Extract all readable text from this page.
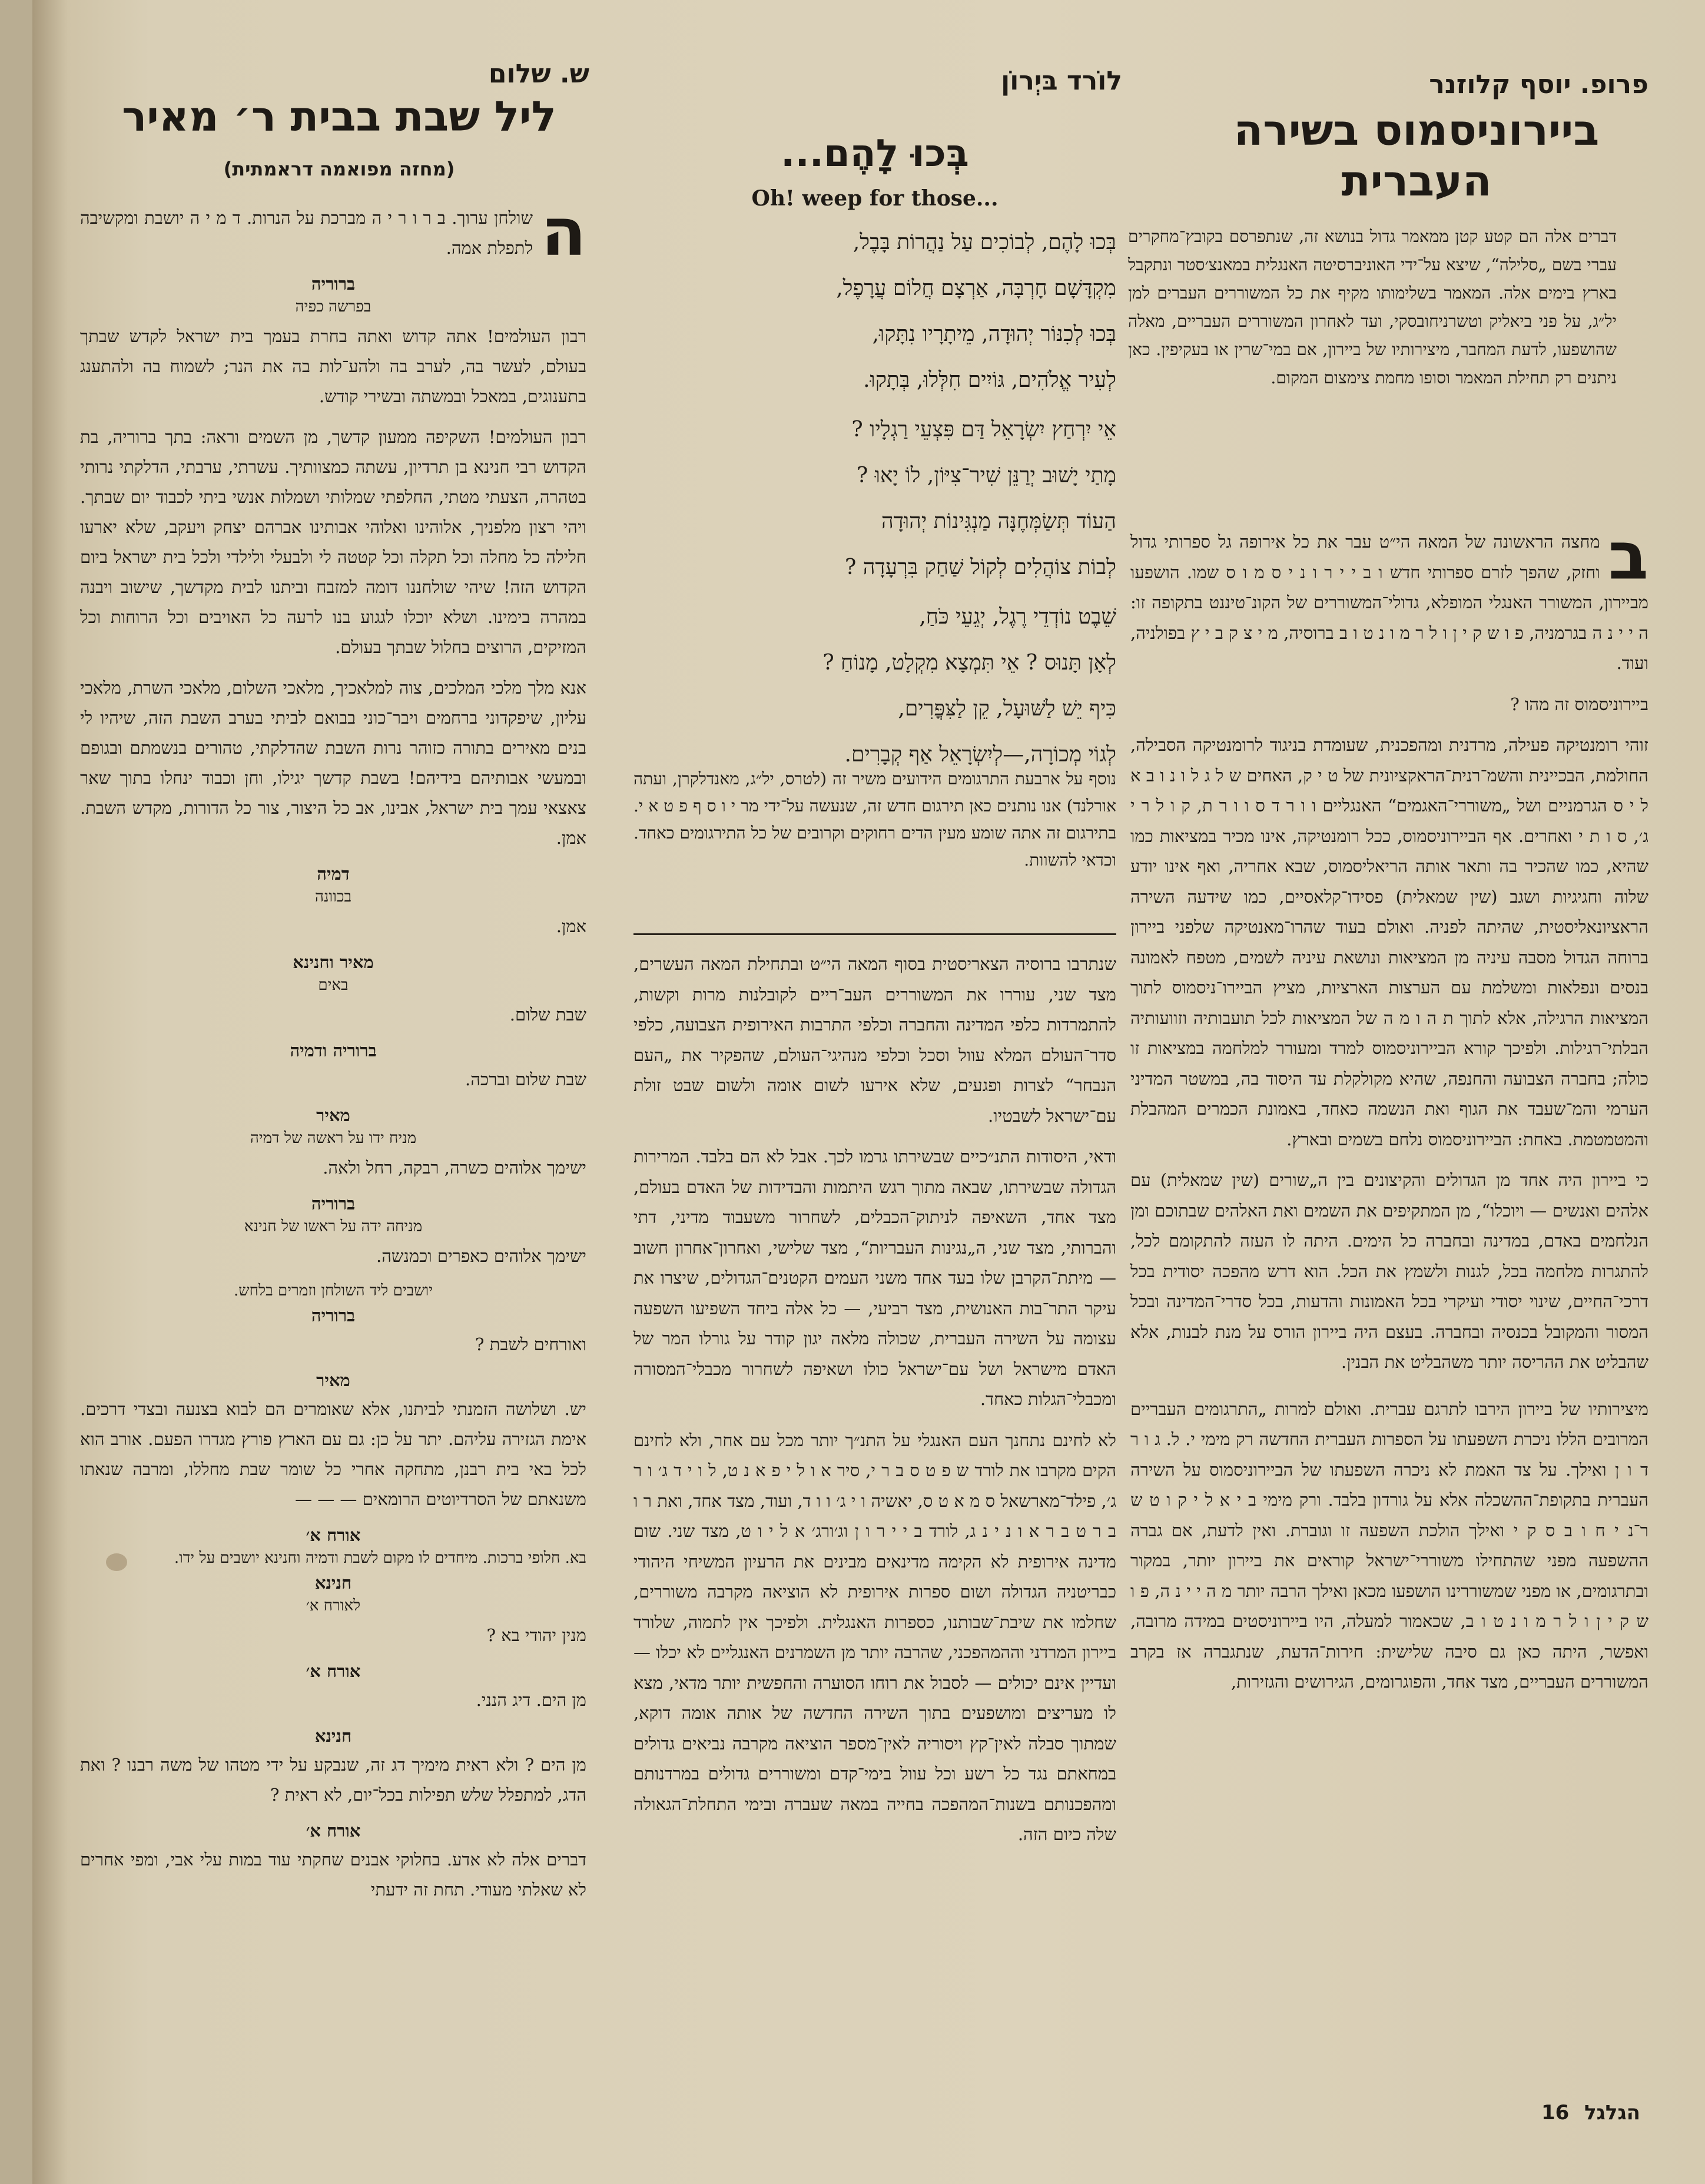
פרופ. יוסף קלוזנר
ביירוניסמוס בשירה
העברית

דברים אלה הם קטע קטן ממאמר גדול בנושא זה, שנתפרסם בקובץ־מחקרים עברי בשם „סלילה“, שיצא על־ידי האוניברסיטה האנגלית במאנצ׳סטר ונתקבל בארץ בימים אלה. המאמר בשלימותו מקיף את כל המשוררים העברים למן יל״ג, על פני ביאליק וטשרניחובסקי, ועד לאחרון המשוררים העבריים, מאלה שהושפעו, לדעת המחבר, מיצירותיו של ביירון, אם במי־שרין או בעקיפין. כאן ניתנים רק תחילת המאמר וסופו מחמת צימצום המקום.

ב
מחצה הראשונה של המאה הי״ט עבר את כל אירופה גל ספרותי גדול וחזק, שהפך לזרם ספרותי חדש ו ב י י ר ו נ י ס מ ו ס שמו. הושפעו מביירון, המשורר האנגלי המופלא, גדולי־המשוררים של הקונ־טיננט בתקופה זו: ה י י נ ה בגרמניה, פ ו ש ק י ן ו ל ר מ ו נ ט ו ב ברוסיה, מ י צ ק ב י ץ בפולניה, ועוד.

ביירוניסמוס זה מהו ?

זוהי רומנטיקה פעילה, מרדנית ומהפכנית, שעומדת בניגוד לרומנטיקה הסבילה, החולמת, הבכיינית והשמ־רנית־הראקציונית של ט י ק, האחים ש ל ג ל ו נ ו ב א ל י ס הגרמניים ושל „משוררי־האגמים“ האנגליים ו ו ר ד ס ו ו ר ת, ק ו ל ר י ג׳, ס ו ת י ואחרים. אף הביירוניסמוס, ככל רומנטיקה, אינו מכיר במציאות כמו שהיא, כמו שהכיר בה ותאר אותה הריאליסמוס, שבא אחריה, ואף אינו יודע שלוה וחגיגיות ושגב (שין שמאלית) פסידו־קלאסיים, כמו שידעה השירה הראציונאליסטית, שהיתה לפניה. ואולם בעוד שהרו־מאנטיקה שלפני ביירון ברוחה הגדול מסבה עיניה מן המציאות ונושאת עיניה לשמים, מטפח לאמונה בנסים ונפלאות ומשלמת עם הערצות הארציות, מציץ הביירו־ניסמוס לתוך המציאות הרגילה, אלא לתוך ת ה ו מ ה של המציאות לכל תועבותיה וזוועותיה הבלתי־רגילות. ולפיכך קורא הביירוניסמוס למרד ומעורר למלחמה במציאות זו כולה; בחברה הצבועה והחנפה, שהיא מקולקלת עד היסוד בה, במשטר המדיני הערמי והמ־שעבד את הגוף ואת הנשמה כאחד, באמונת הכמרים המהבלת והמטמטמת. באחת: הביירוניסמוס נלחם בשמים ובארץ.

כי ביירון היה אחד מן הגדולים והקיצונים בין ה„שורים (שין שמאלית) עם אלהים ואנשים — ויוכלו“, מן המתקיפים את השמים ואת האלהים שבתוכם ומן הנלחמים באדם, במדינה ובחברה כל הימים. היתה לו העזה להתקומם לכל, להתגרות מלחמה בכל, לגנות ולשמץ את הכל. הוא דרש מהפכה יסודית בכל דרכי־החיים, שינוי יסודי ועיקרי בכל האמונות והדעות, בכל סדרי־המדינה ובכל המסור והמקובל בכנסיה ובחברה. בעצם היה ביירון הורס על מנת לבנות, אלא שהבליט את ההריסה יותר משהבליט את הבנין.

מיצירותיו של ביירון הירבו לתרגם עברית. ואולם למרות „התרגומים העבריים המרובים הללו ניכרת השפעתו על הספרות העברית החדשה רק מימי י. ל. ג ו ר ד ו ן ואילך. על צד האמת לא ניכרה השפעתו של הביירוניסמוס על השירה העברית בתקופת־ההשכלה אלא על גורדון בלבד. ורק מימי ב י א ל י ק ו ט ש ר־נ י ח ו ב ס ק י ואילך הולכת השפעה זו וגוברת. ואין לדעת, אם גברה ההשפעה מפני שהתחילו משוררי־ישראל קוראים את ביירון יותר, במקור ובתרגומים, או מפני שמשוררינו הושפעו מכאן ואילך הרבה יותר מ ה י י נ ה, פ ו ש ק י ן ו ל ר מ ו נ ט ו ב, שכאמור למעלה, היו ביירוניסטים במידה מרובה, ואפשר, היתה כאן גם סיבה שלישית: חירות־הדעת, שנתגברה אז בקרב המשוררים העבריים, מצד אחד, והפוגרומים, הגירושים והגזירות,

הגלגל 16
לוֹרד בּיְרוֹן
בְּכוּ לָהֶם...
Oh! weep for those...
בְּכוּ לָהֶם, לְבוֹכִים עַל נַהֲרוֹת בָּבֶל,
מִקְדָּשָׁם חָרְבָּה, אַרְצָם חֲלוֹם עֲרָפֶל,
בְּכוּ לְכִנּוֹר יְהוּדָה, מֵיתָרָיו נִתָּקוּ,
לְעִיר אֱלֹהִים, גּוֹיִים חִלְּלוּ, בְּתָקוּ.
אֵי יִרְחַץ יִשְׂרָאֵל דַּם פִּצְעֵי רַגְלָיו ?
מָתַי יָשׁוּב יְרַנֵּן שִׁיר־צִיּוֹן, לוֹ יָאוּ ?
הַעוֹד תְּשַׂמְּחֶנָּה מַנְגִּינוֹת יְהוּדָה
לְבוֹת צוֹהֲלִים לְקוֹל שַׁחַק בִּרְעָדָה ?
שֵׁבֶט נוֹדְדֵי רֶגֶל, יְגֵעֵי כֹּחַ,
לְאָן תָּנוּס ? אֵי תִּמְצָא מִקְלָט, מָנוֹחַ ?
כִּיף יֵשׁ לַשּׁוּעָל, קֵן לַצִּפֳּרִים,
לְגוֹי מְכוֹרָה,—לְיִשְׂרָאֵל אַף קְבָרִים.

נוסף על ארבעת התרגומים הידועים משיר זה (לטרס, יל״ג, מאנדלקרן, ועתה אורלנד) אנו נותנים כאן תירגום חדש זה, שנעשה על־ידי מר י ו ס ף פ ט א י. בתירגום זה אתה שומע מעין הדים רחוקים וקרובים של כל התירגומים כאחד. וכדאי להשוות.

שנתרבו ברוסיה הצאריסטית בסוף המאה הי״ט ובתחילת המאה העשרים, מצד שני, עוררו את המשוררים העב־ריים לקובלנות מרות וקשות, להתמרדות כלפי המדינה והחברה וכלפי התרבות האירופית הצבועה, כלפי סדר־העולם המלא עוול וסכל וכלפי מנהיגי־העולם, שהפקיר את „העם הנבחר“ לצרות ופגעים, שלא אירעו לשום אומה ולשום שבט זולת עם־ישראל לשבטיו.

ודאי, היסודות התנ״כיים שבשירתו גרמו לכך. אבל לא הם בלבד. המרירות הגדולה שבשירתו, שבאה מתוך רגש היתמות והבדידות של האדם בעולם, מצד אחד, השאיפה לניתוק־הכבלים, לשחרור משעבוד מדיני, דתי והברותי, מצד שני, ה„נגינות העבריות“, מצד שלישי, ואחרון־אחרון חשוב — מיתת־הקרבן שלו בעד אחד משני העמים הקטנים־הגדולים, שיצרו את עיקר התר־בות האנושית, מצד רביעי, — כל אלה ביחד השפיעו השפעה עצומה על השירה העברית, שכולה מלאה יגון קודר על גורלו המר של האדם מישראל ושל עם־ישראל כולו ושאיפה לשחרור מכבלי־המסורה ומכבלי־הגלות כאחד.

לא לחינם נתחנך העם האנגלי על התנ״ך יותר מכל עם אחר, ולא לחינם הקים מקרבו את לורד ש פ ט ס ב ר י, סיר א ו ל י פ א נ ט, ל ו י ד ג׳ ו ר ג׳, פילד־מארשאל ס מ א ט ס, יאשיה ו י ג׳ ו ו ד, ועוד, מצד אחד, ואת ר ו ב ר ט ב ר א ו נ י נ ג, לורד ב י י ר ו ן וג׳ורג׳ א ל י ו ט, מצד שני. שום מדינה אירופית לא הקימה מדינאים מבינים את הרעיון המשיחי היהודי כבריטניה הגדולה ושום ספרות אירופית לא הוציאה מקרבה משוררים, שחלמו את שיבת־שבותנו, כספרות האנגלית. ולפיכך אין לתמוה, שלורד ביירון המרדני וההמהפכני, שהרבה יותר מן השמרנים האנגליים לא יכלו — ועדיין אינם יכולים — לסבול את רוחו הסוערה והחפשית יותר מדאי, מצא לו מעריצים ומושפעים בתוך השירה החדשה של אותה אומה דוקא, שמתוך סבלה לאין־קץ ויסוריה לאין־מספר הוציאה מקרבה נביאים גדולים במחאתם נגד כל רשע וכל עוול בימי־קדם ומשוררים גדולים במרדנותם ומהפכנותם בשנות־המהפכה בחייה במאה שעברה ובימי התחלת־הגאולה שלה כיום הזה.

ש. שלום
ליל שבת בבית ר׳ מאיר
(מחזה מפואמה דראמתית)

ה
שולחן ערוך. ב ר ו ר י ה מברכת על הנרות. ד מ י ה יושבת ומקשיבה לתפלת אמה.

ברוריה
בפרשה כפיה

רבון העולמים! אתה קדוש ואתה בחרת בעמך בית ישראל לקדש שבתך בעולם, לעשר בה, לערב בה ולהע־לות בה את הנר; לשמוח בה ולהתענג בתענוגים, במאכל ובמשתה ובשירי קודש.

רבון העולמים! השקיפה ממעון קדשך, מן השמים וראה: בתך ברוריה, בת הקדוש רבי חנינא בן תרדיון, עשתה כמצוותיך. עשרתי, ערבתי, הדלקתי נרותי בטהרה, הצעתי מטתי, החלפתי שמלותי ושמלות אנשי ביתי לכבוד יום שבתך. ויהי רצון מלפניך, אלוהינו ואלוהי אבותינו אברהם יצחק ויעקב, שלא יארעו חלילה כל מחלה וכל תקלה וכל קטטה לי ולבעלי ולילדי ולכל בית ישראל ביום הקדוש הזה! שיהי שולחננו דומה למזבח וביתנו לבית מקדשך, שישוב ויבנה במהרה בימינו. ושלא יוכלו לגגוע בנו לרעה כל האויבים וכל הרוחות וכל המזיקים, הרוצים בחלול שבתך בעולם.

אנא מלך מלכי המלכים, צוה למלאכיך, מלאכי השלום, מלאכי השרת, מלאכי עליון, שיפקדוני ברחמים ויבר־כוני בבואם לביתי בערב השבת הזה, שיהיו לי בנים מאירים בתורה כזוהר נרות השבת שהדלקתי, טהורים בנשמתם ובגופם ובמעשי אבותיהם בידיהם! בשבת קדשך יגילו, וחן וכבוד ינחלו בתוך שאר צאצאי עמך בית ישראל, אבינו, אב כל היצור, צור כל הדורות, מקדש השבת. אמן.

דמיה
בכוונה

אמן.

מאיר וחנינא
באים

שבת שלום.

ברוריה ודמיה

שבת שלום וברכה.

מאיר
מניח ידו על ראשה של דמיה

ישימך אלוהים כשרה, רבקה, רחל ולאה.

ברוריה
מניחה ידה על ראשו של חנינא

ישימך אלוהים כאפרים וכמנשה.

יושבים ליד השולחן וזמרים בלחש.
ברוריה

ואורחים לשבת ?

מאיר

יש. ושלושה הזמנתי לביתנו, אלא שאומרים הם לבוא בצנעה ובצדי דרכים. אימת הגזירה עליהם. יתר על כן: גם עם הארץ פורץ מגדרו הפעם. אורב הוא לכל באי בית רבנן, מתחקה אחרי כל שומר שבת מחללו, ומרבה שנאתו משנאתם של הסרדיוטים הרומאים — — —

אורח א׳
בא. חלופי ברכות. מיחדים לו מקום לשבת ודמיה וחנינא יושבים על ידו.
חנינא
לאורח א׳

מנין יהודי בא ?

אורח א׳

מן הים. דיג הנני.

חנינא

מן הים ? ולא ראית מימיך דג זה, שנבקע על ידי מטהו של משה רבנו ? ואת הדג, למתפלל שלש תפילות בכל־יום, לא ראית ?

אורח א׳

דברים אלה לא אדע. בחלוקי אבנים שחקתי עוד במות עלי אבי, ומפי אחרים לא שאלתי מעודי. תחת זה ידעתי
